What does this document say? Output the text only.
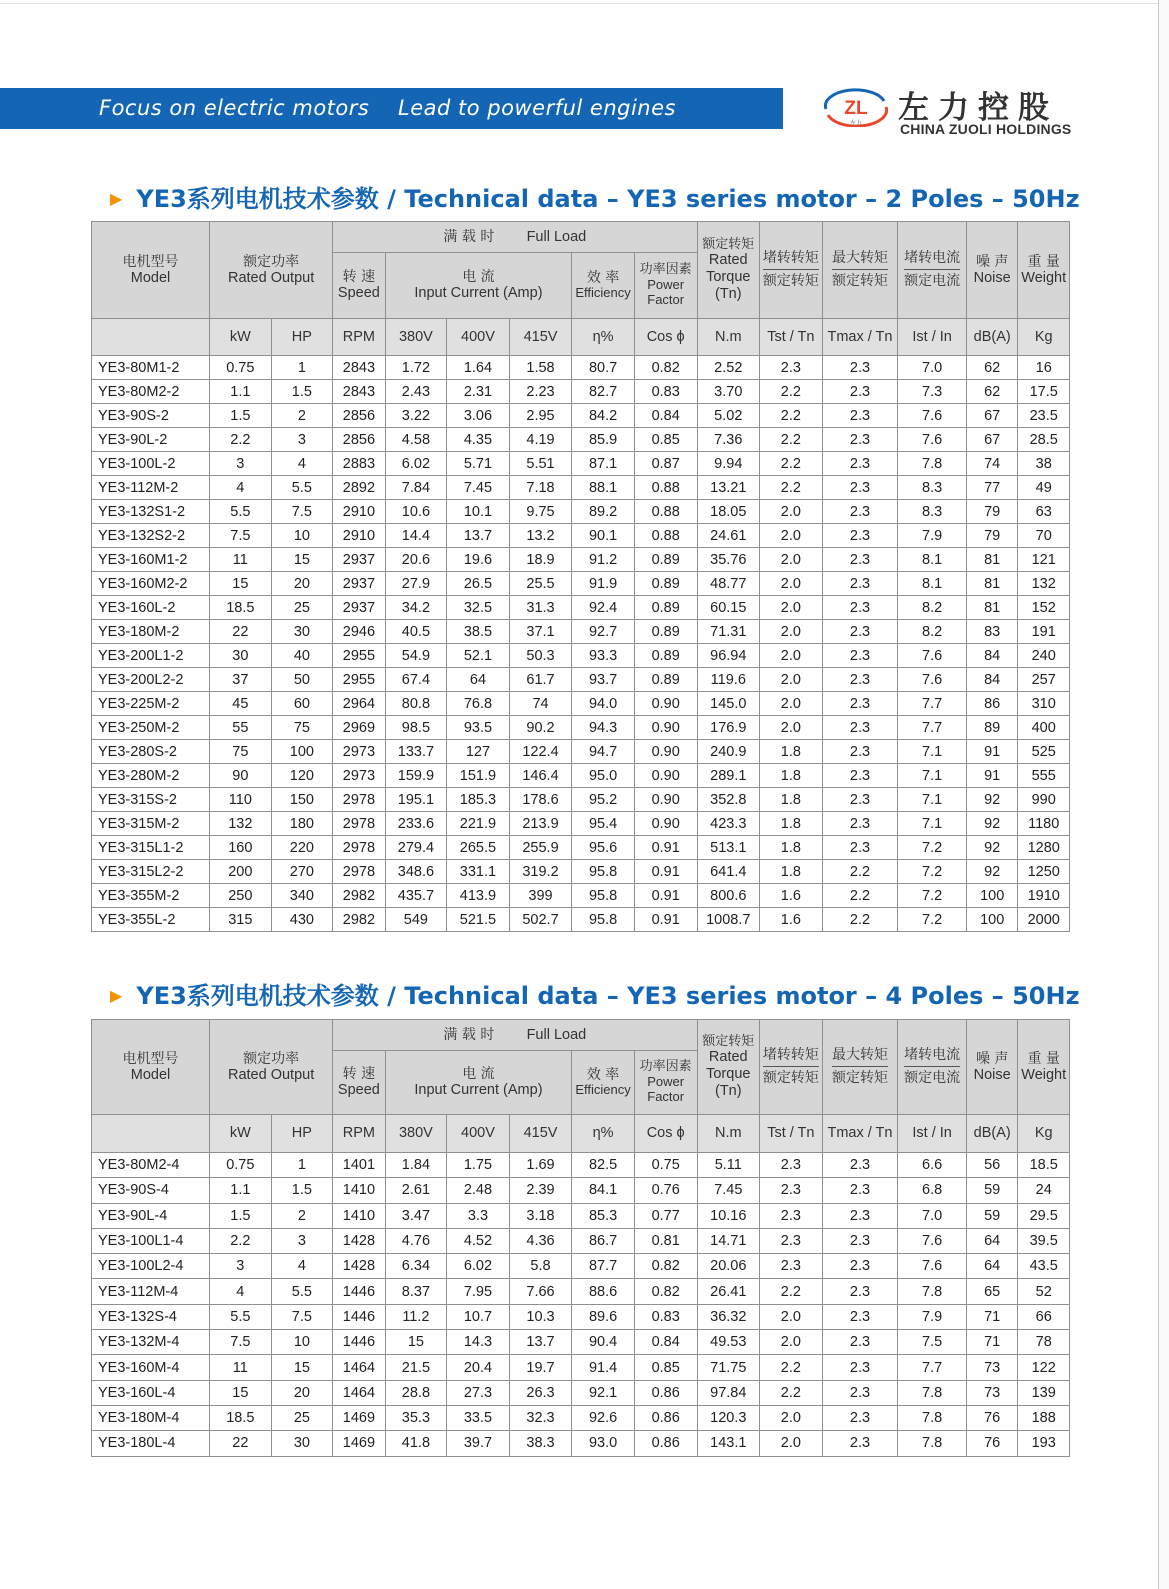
Focus on electric motors    Lead to powerful engines	ZL
左力 左力控股
CHINA ZUOLI HOLDINGS
▶ YE3系列电机技术参数 / Technical data – YE3 series motor – 2 Poles – 50Hz
电机型号
Model	额定功率
Rated Output		满 载 时 Full Load						额定转矩
Rated
Torque
(Tn)	堵转转矩
额定转矩	最大转矩
额定转矩	堵转电流
额定电流	噪 声
Noise	重 量
Weight

			转 速
Speed	电 流
Input Current (Amp)			效 率
Efficiency	功率因素
Power
Factor						

	kW	HP	RPM	380V	400V	415V	η%	Cos ϕ	N.m	Tst / Tn	Tmax / Tn	Ist / In	dB(A)	Kg
YE3-80M1-2	0.75	1	2843	1.72	1.64	1.58	80.7	0.82	2.52	2.3	2.3	7.0	62	16
YE3-80M2-2	1.1	1.5	2843	2.43	2.31	2.23	82.7	0.83	3.70	2.2	2.3	7.3	62	17.5
YE3-90S-2	1.5	2	2856	3.22	3.06	2.95	84.2	0.84	5.02	2.2	2.3	7.6	67	23.5
YE3-90L-2	2.2	3	2856	4.58	4.35	4.19	85.9	0.85	7.36	2.2	2.3	7.6	67	28.5
YE3-100L-2	3	4	2883	6.02	5.71	5.51	87.1	0.87	9.94	2.2	2.3	7.8	74	38
YE3-112M-2	4	5.5	2892	7.84	7.45	7.18	88.1	0.88	13.21	2.2	2.3	8.3	77	49
YE3-132S1-2	5.5	7.5	2910	10.6	10.1	9.75	89.2	0.88	18.05	2.0	2.3	8.3	79	63
YE3-132S2-2	7.5	10	2910	14.4	13.7	13.2	90.1	0.88	24.61	2.0	2.3	7.9	79	70
YE3-160M1-2	11	15	2937	20.6	19.6	18.9	91.2	0.89	35.76	2.0	2.3	8.1	81	121
YE3-160M2-2	15	20	2937	27.9	26.5	25.5	91.9	0.89	48.77	2.0	2.3	8.1	81	132
YE3-160L-2	18.5	25	2937	34.2	32.5	31.3	92.4	0.89	60.15	2.0	2.3	8.2	81	152
YE3-180M-2	22	30	2946	40.5	38.5	37.1	92.7	0.89	71.31	2.0	2.3	8.2	83	191
YE3-200L1-2	30	40	2955	54.9	52.1	50.3	93.3	0.89	96.94	2.0	2.3	7.6	84	240
YE3-200L2-2	37	50	2955	67.4	64	61.7	93.7	0.89	119.6	2.0	2.3	7.6	84	257
YE3-225M-2	45	60	2964	80.8	76.8	74	94.0	0.90	145.0	2.0	2.3	7.7	86	310
YE3-250M-2	55	75	2969	98.5	93.5	90.2	94.3	0.90	176.9	2.0	2.3	7.7	89	400
YE3-280S-2	75	100	2973	133.7	127	122.4	94.7	0.90	240.9	1.8	2.3	7.1	91	525
YE3-280M-2	90	120	2973	159.9	151.9	146.4	95.0	0.90	289.1	1.8	2.3	7.1	91	555
YE3-315S-2	110	150	2978	195.1	185.3	178.6	95.2	0.90	352.8	1.8	2.3	7.1	92	990
YE3-315M-2	132	180	2978	233.6	221.9	213.9	95.4	0.90	423.3	1.8	2.3	7.1	92	1180
YE3-315L1-2	160	220	2978	279.4	265.5	255.9	95.6	0.91	513.1	1.8	2.3	7.2	92	1280
YE3-315L2-2	200	270	2978	348.6	331.1	319.2	95.8	0.91	641.4	1.8	2.2	7.2	92	1250
YE3-355M-2	250	340	2982	435.7	413.9	399	95.8	0.91	800.6	1.6	2.2	7.2	100	1910
YE3-355L-2	315	430	2982	549	521.5	502.7	95.8	0.91	1008.7	1.6	2.2	7.2	100	2000
▶ YE3系列电机技术参数 / Technical data – YE3 series motor – 4 Poles – 50Hz
电机型号
Model	额定功率
Rated Output		满 载 时 Full Load						额定转矩
Rated
Torque
(Tn)	堵转转矩
额定转矩	最大转矩
额定转矩	堵转电流
额定电流	噪 声
Noise	重 量
Weight

			转 速
Speed	电 流
Input Current (Amp)			效 率
Efficiency	功率因素
Power
Factor						

	kW	HP	RPM	380V	400V	415V	η%	Cos ϕ	N.m	Tst / Tn	Tmax / Tn	Ist / In	dB(A)	Kg
YE3-80M2-4	0.75	1	1401	1.84	1.75	1.69	82.5	0.75	5.11	2.3	2.3	6.6	56	18.5
YE3-90S-4	1.1	1.5	1410	2.61	2.48	2.39	84.1	0.76	7.45	2.3	2.3	6.8	59	24
YE3-90L-4	1.5	2	1410	3.47	3.3	3.18	85.3	0.77	10.16	2.3	2.3	7.0	59	29.5
YE3-100L1-4	2.2	3	1428	4.76	4.52	4.36	86.7	0.81	14.71	2.3	2.3	7.6	64	39.5
YE3-100L2-4	3	4	1428	6.34	6.02	5.8	87.7	0.82	20.06	2.3	2.3	7.6	64	43.5
YE3-112M-4	4	5.5	1446	8.37	7.95	7.66	88.6	0.82	26.41	2.2	2.3	7.8	65	52
YE3-132S-4	5.5	7.5	1446	11.2	10.7	10.3	89.6	0.83	36.32	2.0	2.3	7.9	71	66
YE3-132M-4	7.5	10	1446	15	14.3	13.7	90.4	0.84	49.53	2.0	2.3	7.5	71	78
YE3-160M-4	11	15	1464	21.5	20.4	19.7	91.4	0.85	71.75	2.2	2.3	7.7	73	122
YE3-160L-4	15	20	1464	28.8	27.3	26.3	92.1	0.86	97.84	2.2	2.3	7.8	73	139
YE3-180M-4	18.5	25	1469	35.3	33.5	32.3	92.6	0.86	120.3	2.0	2.3	7.8	76	188
YE3-180L-4	22	30	1469	41.8	39.7	38.3	93.0	0.86	143.1	2.0	2.3	7.8	76	193
